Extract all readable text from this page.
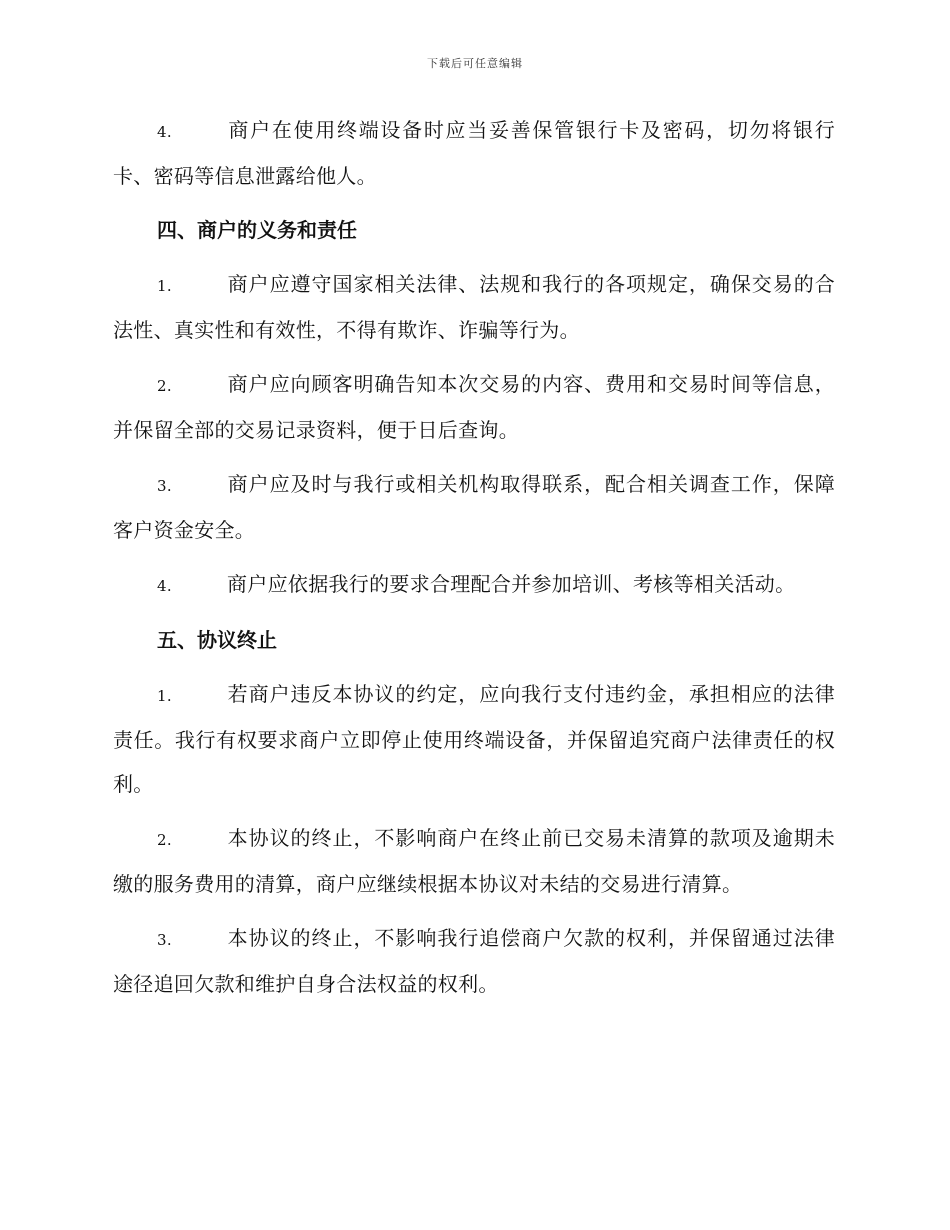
下载后可任意编辑

4.	商户在使用终端设备时应当妥善保管银行卡及密码，切勿将银行卡、密码等信息泄露给他人。

四、商户的义务和责任

1.	商户应遵守国家相关法律、法规和我行的各项规定，确保交易的合法性、真实性和有效性，不得有欺诈、诈骗等行为。

2.	商户应向顾客明确告知本次交易的内容、费用和交易时间等信息，并保留全部的交易记录资料，便于日后查询。

3.	商户应及时与我行或相关机构取得联系，配合相关调查工作，保障客户资金安全。

4.	商户应依据我行的要求合理配合并参加培训、考核等相关活动。

五、协议终止

1.	若商户违反本协议的约定，应向我行支付违约金，承担相应的法律责任。我行有权要求商户立即停止使用终端设备，并保留追究商户法律责任的权利。

2.	本协议的终止，不影响商户在终止前已交易未清算的款项及逾期未缴的服务费用的清算，商户应继续根据本协议对未结的交易进行清算。

3.	本协议的终止，不影响我行追偿商户欠款的权利，并保留通过法律途径追回欠款和维护自身合法权益的权利。
